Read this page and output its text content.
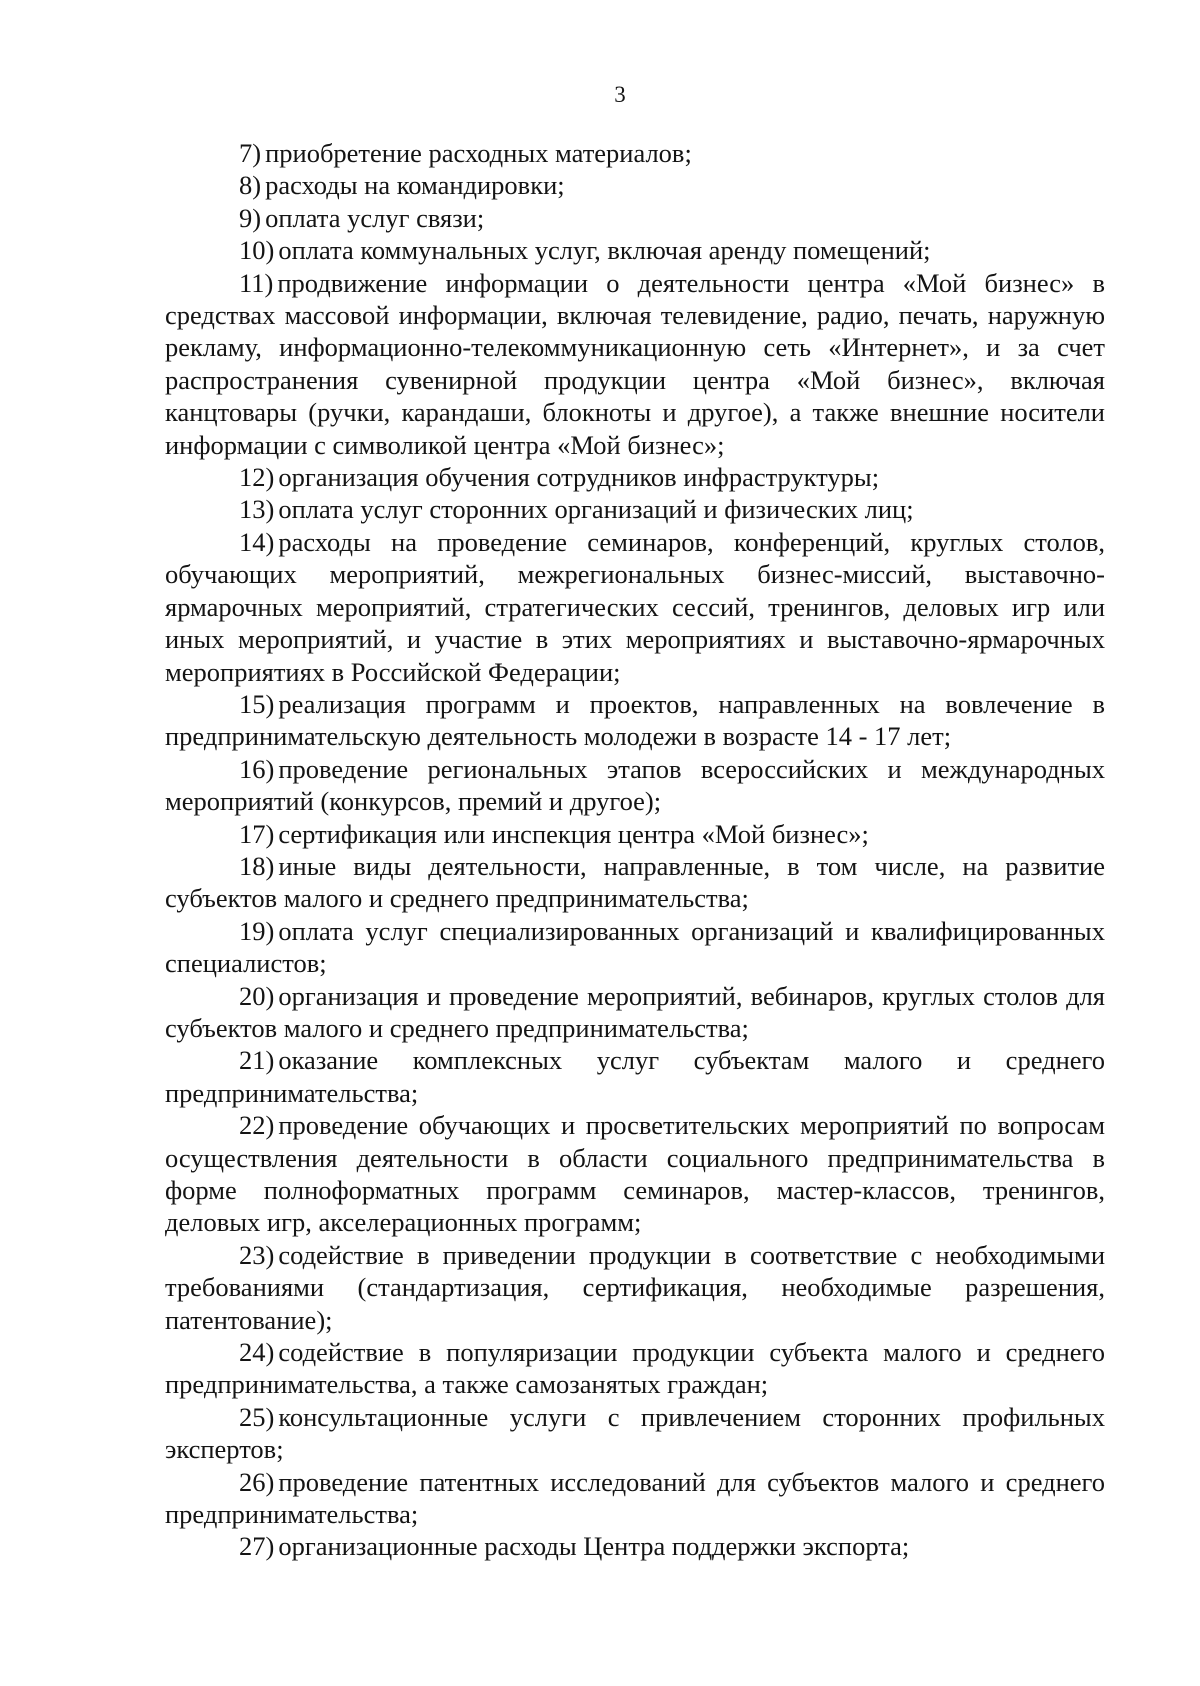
3

7) приобретение расходных материалов;

8) расходы на командировки;

9) оплата услуг связи;

10) оплата коммунальных услуг, включая аренду помещений;

11) продвижение информации о деятельности центра «Мой бизнес» в средствах массовой информации, включая телевидение, радио, печать, наружную рекламу, информационно-телекоммуникационную сеть «Интернет», и за счет распространения сувенирной продукции центра «Мой бизнес», включая канцтовары (ручки, карандаши, блокноты и другое), а также внешние носители информации с символикой центра «Мой бизнес»;

12) организация обучения сотрудников инфраструктуры;

13) оплата услуг сторонних организаций и физических лиц;

14) расходы на проведение семинаров, конференций, круглых столов, обучающих мероприятий, межрегиональных бизнес-миссий, выставочно-ярмарочных мероприятий, стратегических сессий, тренингов, деловых игр или иных мероприятий, и участие в этих мероприятиях и выставочно-ярмарочных мероприятиях в Российской Федерации;

15) реализация программ и проектов, направленных на вовлечение в предпринимательскую деятельность молодежи в возрасте 14 - 17 лет;

16) проведение региональных этапов всероссийских и международных мероприятий (конкурсов, премий и другое);

17) сертификация или инспекция центра «Мой бизнес»;

18) иные виды деятельности, направленные, в том числе, на развитие субъектов малого и среднего предпринимательства;

19) оплата услуг специализированных организаций и квалифицированных специалистов;

20) организация и проведение мероприятий, вебинаров, круглых столов для субъектов малого и среднего предпринимательства;

21) оказание комплексных услуг субъектам малого и среднего предпринимательства;

22) проведение обучающих и просветительских мероприятий по вопросам осуществления деятельности в области социального предпринимательства в форме полноформатных программ семинаров, мастер-классов, тренингов, деловых игр, акселерационных программ;

23) содействие в приведении продукции в соответствие с необходимыми требованиями (стандартизация, сертификация, необходимые разрешения, патентование);

24) содействие в популяризации продукции субъекта малого и среднего предпринимательства, а также самозанятых граждан;

25) консультационные услуги с привлечением сторонних профильных экспертов;

26) проведение патентных исследований для субъектов малого и среднего предпринимательства;

27) организационные расходы Центра поддержки экспорта;
